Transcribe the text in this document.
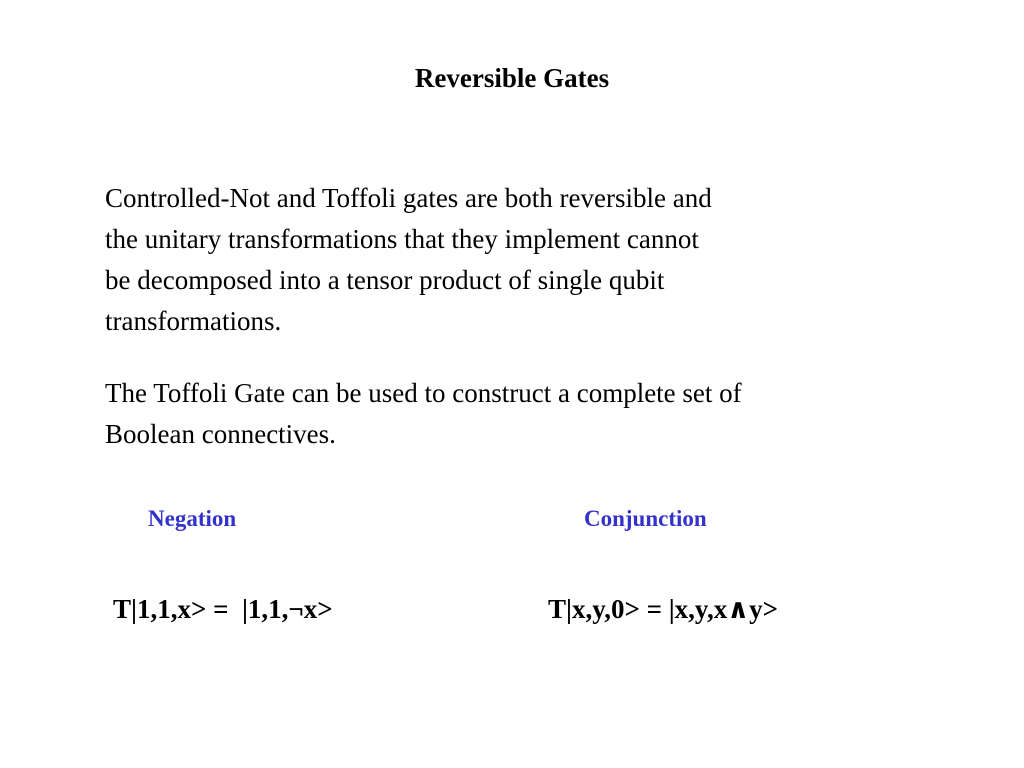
Reversible Gates
Controlled-Not and Toffoli gates are both reversible and
the unitary transformations that they implement cannot
be decomposed into a tensor product of single qubit
transformations.
The Toffoli Gate can be used to construct a complete set of
Boolean connectives.
Negation	Conjunction
T|1,1,x> =  |1,1,¬x>	T|x,y,0> = |x,y,x∧y>
